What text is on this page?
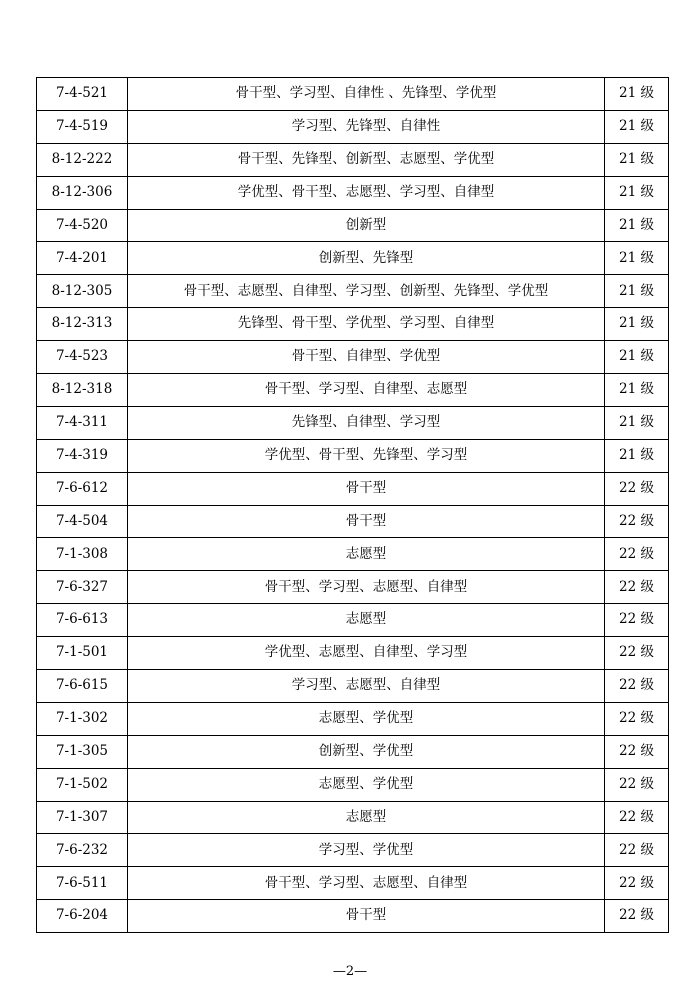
7-4-521	骨干型、学习型、自律性 、先锋型、学优型	21 级
7-4-519	学习型、先锋型、自律性	21 级
8-12-222	骨干型、先锋型、创新型、志愿型、学优型	21 级
8-12-306	学优型、骨干型、志愿型、学习型、自律型	21 级
7-4-520	创新型	21 级
7-4-201	创新型、先锋型	21 级
8-12-305	骨干型、志愿型、自律型、学习型、创新型、先锋型、学优型	21 级
8-12-313	先锋型、骨干型、学优型、学习型、自律型	21 级
7-4-523	骨干型、自律型、学优型	21 级
8-12-318	骨干型、学习型、自律型、志愿型	21 级
7-4-311	先锋型、自律型、学习型	21 级
7-4-319	学优型、骨干型、先锋型、学习型	21 级
7-6-612	骨干型	22 级
7-4-504	骨干型	22 级
7-1-308	志愿型	22 级
7-6-327	骨干型、学习型、志愿型、自律型	22 级
7-6-613	志愿型	22 级
7-1-501	学优型、志愿型、自律型、学习型	22 级
7-6-615	学习型、志愿型、自律型	22 级
7-1-302	志愿型、学优型	22 级
7-1-305	创新型、学优型	22 级
7-1-502	志愿型、学优型	22 级
7-1-307	志愿型	22 级
7-6-232	学习型、学优型	22 级
7-6-511	骨干型、学习型、志愿型、自律型	22 级
7-6-204	骨干型	22 级
—2—
